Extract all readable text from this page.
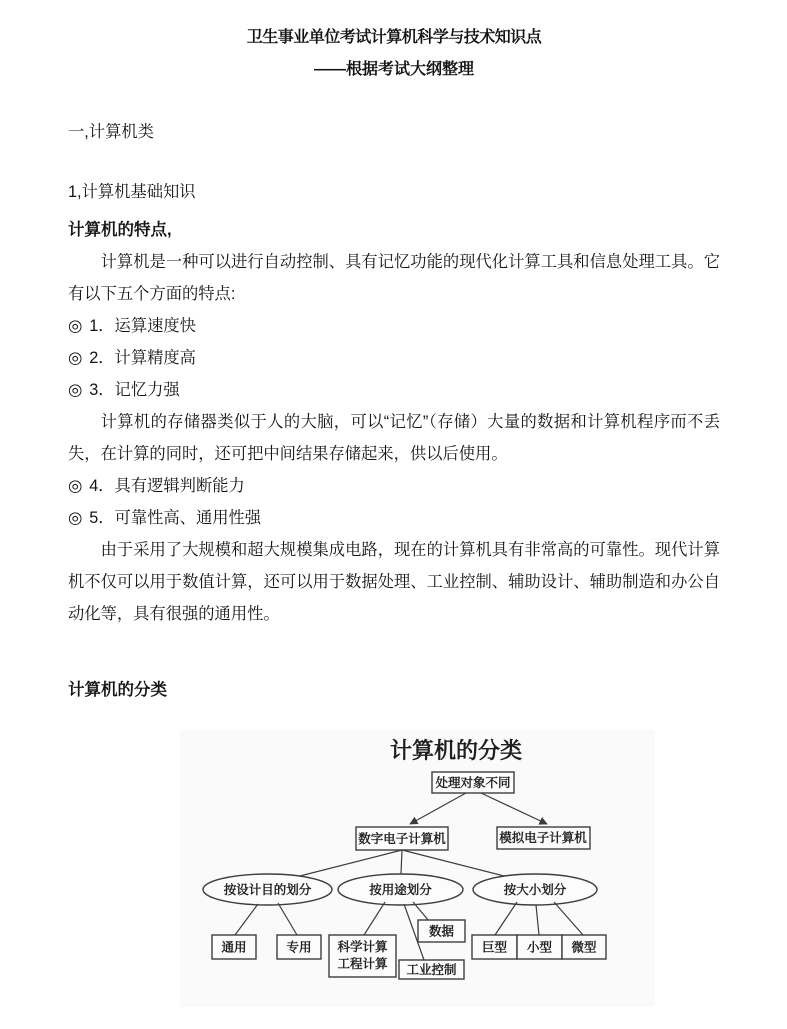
卫生事业单位考试计算机科学与技术知识点
——根据考试大纲整理
一,计算机类
1,计算机基础知识
计算机的特点,

计算机是一种可以进行自动控制、具有记忆功能的现代化计算工具和信息处理工具。它有以下五个方面的特点:

◎ 1．运算速度快
◎ 2．计算精度高
◎ 3．记忆力强

计算机的存储器类似于人的大脑，可以“记忆”（存储）大量的数据和计算机程序而不丢失，在计算的同时，还可把中间结果存储起来，供以后使用。

◎ 4．具有逻辑判断能力
◎ 5．可靠性高、通用性强

由于采用了大规模和超大规模集成电路，现在的计算机具有非常高的可靠性。现代计算机不仅可以用于数值计算，还可以用于数据处理、工业控制、辅助设计、辅助制造和办公自动化等，具有很强的通用性。

计算机的分类
计算机的分类
处理对象不同
数字电子计算机	模拟电子计算机
按设计目的划分	按用途划分	按大小划分
通用	专用 科学计算
工程计算
数据
工业控制
巨型 小型 微型
